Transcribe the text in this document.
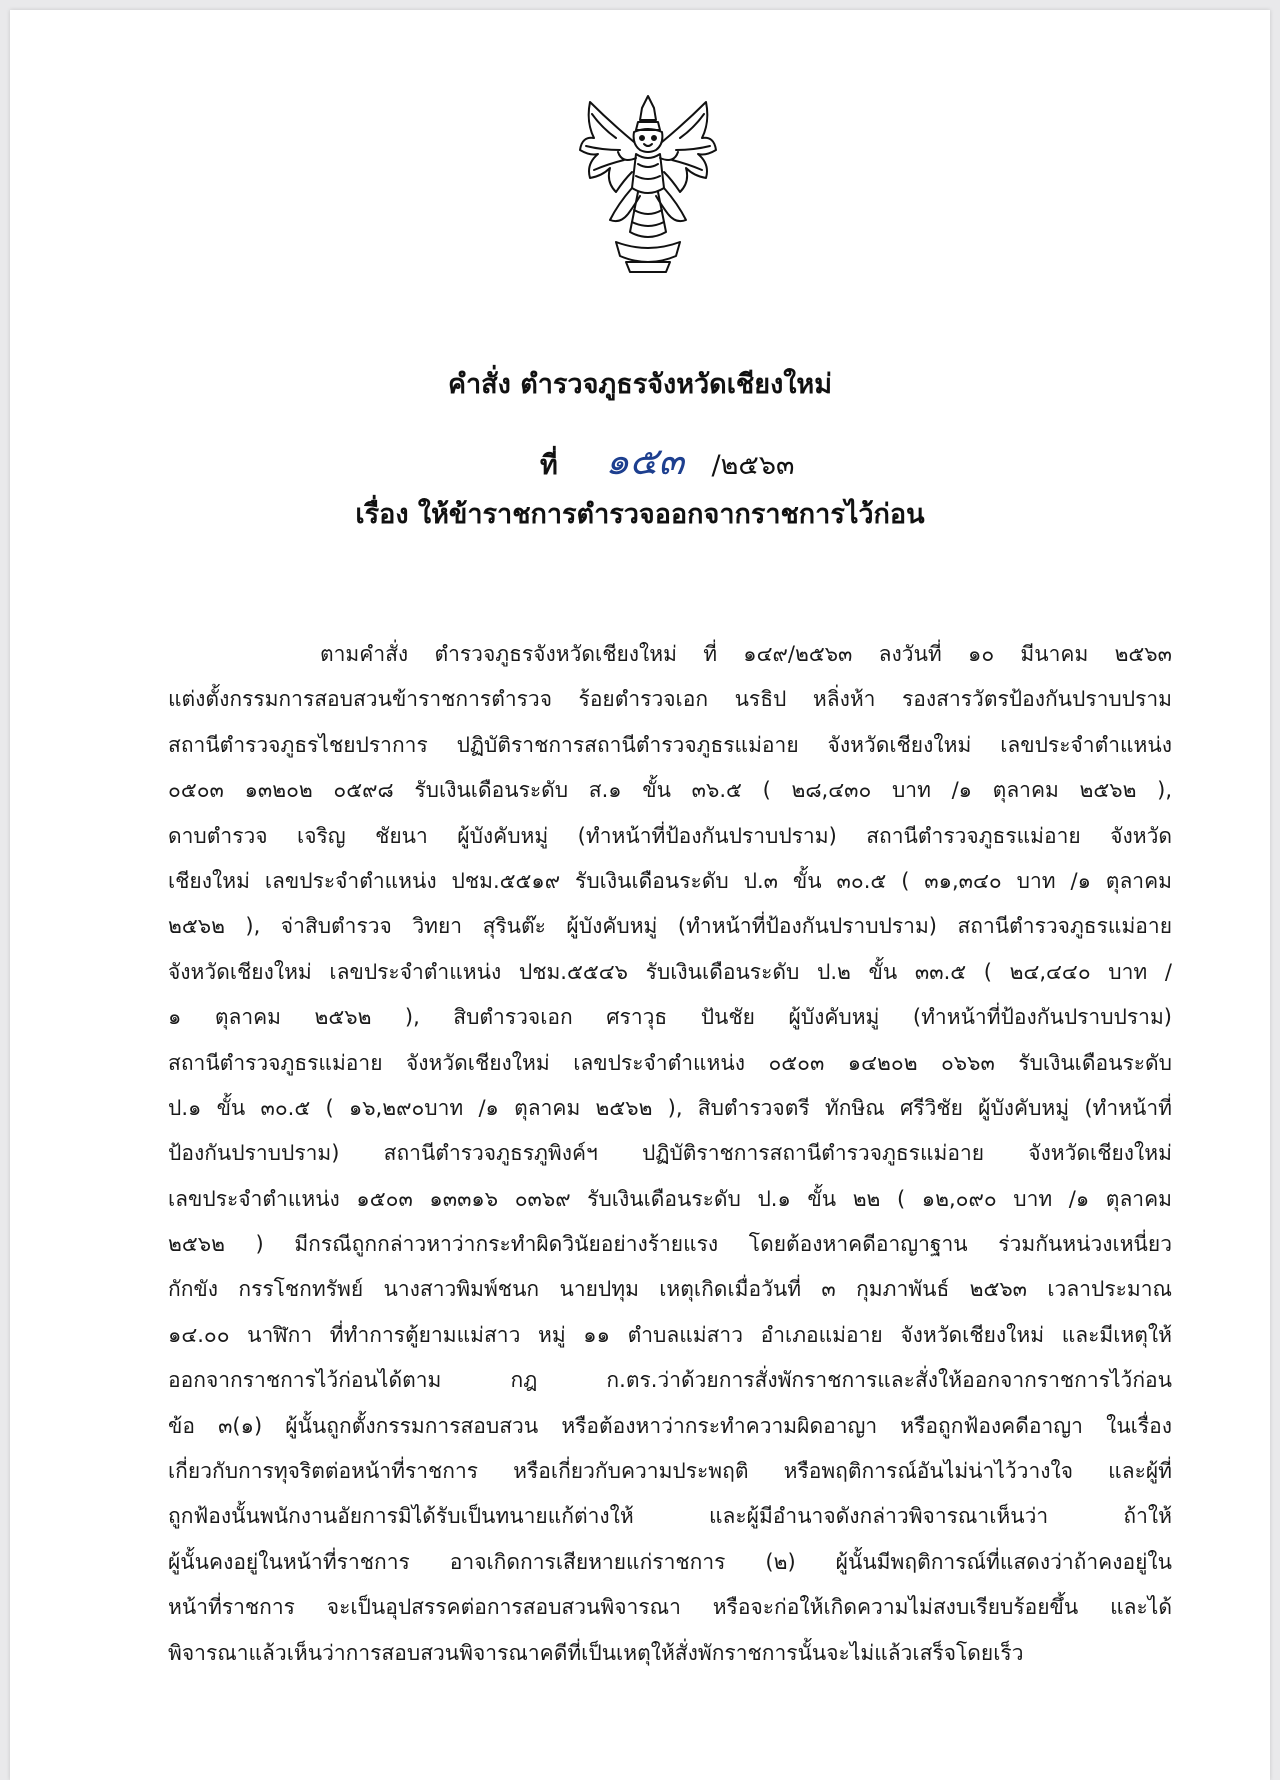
คำสั่ง ตำรวจภูธรจังหวัดเชียงใหม่
ที่ ๑๕๓ /๒๕๖๓
เรื่อง ให้ข้าราชการตำรวจออกจากราชการไว้ก่อน
ตามคำสั่ง ตำรวจภูธรจังหวัดเชียงใหม่ ที่ ๑๔๙/๒๕๖๓ ลงวันที่ ๑๐ มีนาคม ๒๕๖๓
แต่งตั้งกรรมการสอบสวนข้าราชการตำรวจ ร้อยตำรวจเอก นรธิป หลิ่งห้า รองสารวัตรป้องกันปราบปราม
สถานีตำรวจภูธรไชยปราการ ปฏิบัติราชการสถานีตำรวจภูธรแม่อาย จังหวัดเชียงใหม่ เลขประจำตำแหน่ง
๐๕๐๓ ๑๓๒๐๒ ๐๕๙๘ รับเงินเดือนระดับ ส.๑ ขั้น ๓๖.๕ ( ๒๘,๔๓๐ บาท /๑ ตุลาคม ๒๕๖๒ ),
ดาบตำรวจ เจริญ ชัยนา ผู้บังคับหมู่ (ทำหน้าที่ป้องกันปราบปราม) สถานีตำรวจภูธรแม่อาย จังหวัด
เชียงใหม่ เลขประจำตำแหน่ง ปชม.๕๕๑๙ รับเงินเดือนระดับ ป.๓ ขั้น ๓๐.๕ ( ๓๑,๓๔๐ บาท /๑ ตุลาคม
๒๕๖๒ ), จ่าสิบตำรวจ วิทยา สุรินต๊ะ ผู้บังคับหมู่ (ทำหน้าที่ป้องกันปราบปราม) สถานีตำรวจภูธรแม่อาย
จังหวัดเชียงใหม่ เลขประจำตำแหน่ง ปชม.๕๕๔๖ รับเงินเดือนระดับ ป.๒ ขั้น ๓๓.๕ ( ๒๔,๔๔๐ บาท /
๑ ตุลาคม ๒๕๖๒ ), สิบตำรวจเอก ศราวุธ ปันชัย ผู้บังคับหมู่ (ทำหน้าที่ป้องกันปราบปราม)
สถานีตำรวจภูธรแม่อาย จังหวัดเชียงใหม่ เลขประจำตำแหน่ง ๐๕๐๓ ๑๔๒๐๒ ๐๖๖๓ รับเงินเดือนระดับ
ป.๑ ขั้น ๓๐.๕ ( ๑๖,๒๙๐บาท /๑ ตุลาคม ๒๕๖๒ ), สิบตำรวจตรี ทักษิณ ศรีวิชัย ผู้บังคับหมู่ (ทำหน้าที่
ป้องกันปราบปราม) สถานีตำรวจภูธรภูพิงค์ฯ ปฏิบัติราชการสถานีตำรวจภูธรแม่อาย จังหวัดเชียงใหม่
เลขประจำตำแหน่ง ๑๕๐๓ ๑๓๓๑๖ ๐๓๖๙ รับเงินเดือนระดับ ป.๑ ขั้น ๒๒ ( ๑๒,๐๙๐ บาท /๑ ตุลาคม
๒๕๖๒ ) มีกรณีถูกกล่าวหาว่ากระทำผิดวินัยอย่างร้ายแรง โดยต้องหาคดีอาญาฐาน ร่วมกันหน่วงเหนี่ยว
กักขัง กรรโชกทรัพย์ นางสาวพิมพ์ชนก นายปทุม เหตุเกิดเมื่อวันที่ ๓ กุมภาพันธ์ ๒๕๖๓ เวลาประมาณ
๑๔.๐๐ นาฬิกา ที่ทำการตู้ยามแม่สาว หมู่ ๑๑ ตำบลแม่สาว อำเภอแม่อาย จังหวัดเชียงใหม่ และมีเหตุให้
ออกจากราชการไว้ก่อนได้ตาม กฎ ก.ตร.ว่าด้วยการสั่งพักราชการและสั่งให้ออกจากราชการไว้ก่อน
ข้อ ๓(๑) ผู้นั้นถูกตั้งกรรมการสอบสวน หรือต้องหาว่ากระทำความผิดอาญา หรือถูกฟ้องคดีอาญา ในเรื่อง
เกี่ยวกับการทุจริตต่อหน้าที่ราชการ หรือเกี่ยวกับความประพฤติ หรือพฤติการณ์อันไม่น่าไว้วางใจ และผู้ที่
ถูกฟ้องนั้นพนักงานอัยการมิได้รับเป็นทนายแก้ต่างให้ และผู้มีอำนาจดังกล่าวพิจารณาเห็นว่า ถ้าให้
ผู้นั้นคงอยู่ในหน้าที่ราชการ อาจเกิดการเสียหายแก่ราชการ (๒) ผู้นั้นมีพฤติการณ์ที่แสดงว่าถ้าคงอยู่ใน
หน้าที่ราชการ จะเป็นอุปสรรคต่อการสอบสวนพิจารณา หรือจะก่อให้เกิดความไม่สงบเรียบร้อยขึ้น และได้
พิจารณาแล้วเห็นว่าการสอบสวนพิจารณาคดีที่เป็นเหตุให้สั่งพักราชการนั้นจะไม่แล้วเสร็จโดยเร็ว
